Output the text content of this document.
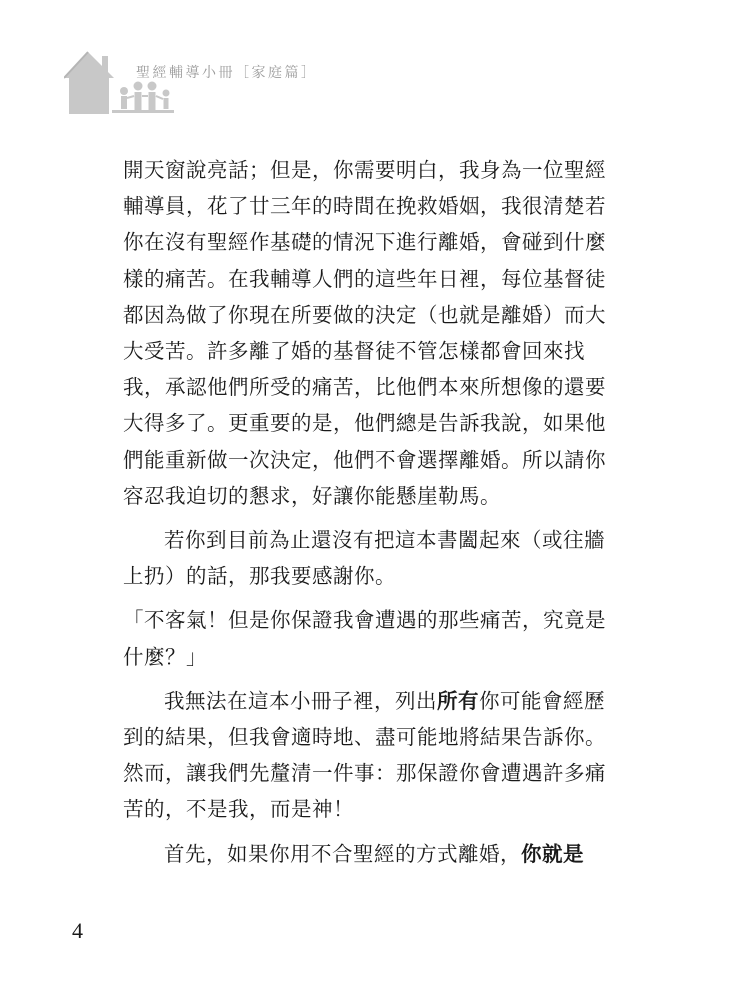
聖經輔導小冊［家庭篇］

開天窗說亮話；但是，你需要明白，我身為一位聖經輔導員，花了廿三年的時間在挽救婚姻，我很清楚若你在沒有聖經作基礎的情況下進行離婚，會碰到什麼樣的痛苦。在我輔導人們的這些年日裡，每位基督徒都因為做了你現在所要做的決定（也就是離婚）而大大受苦。許多離了婚的基督徒不管怎樣都會回來找我，承認他們所受的痛苦，比他們本來所想像的還要大得多了。更重要的是，他們總是告訴我說，如果他們能重新做一次決定，他們不會選擇離婚。所以請你容忍我迫切的懇求，好讓你能懸崖勒馬。

若你到目前為止還沒有把這本書闔起來（或往牆上扔）的話，那我要感謝你。

「不客氣！但是你保證我會遭遇的那些痛苦，究竟是什麼？」

我無法在這本小冊子裡，列出所有你可能會經歷到的結果，但我會適時地、盡可能地將結果告訴你。然而，讓我們先釐清一件事：那保證你會遭遇許多痛苦的，不是我，而是神！

首先，如果你用不合聖經的方式離婚，你就是

4
